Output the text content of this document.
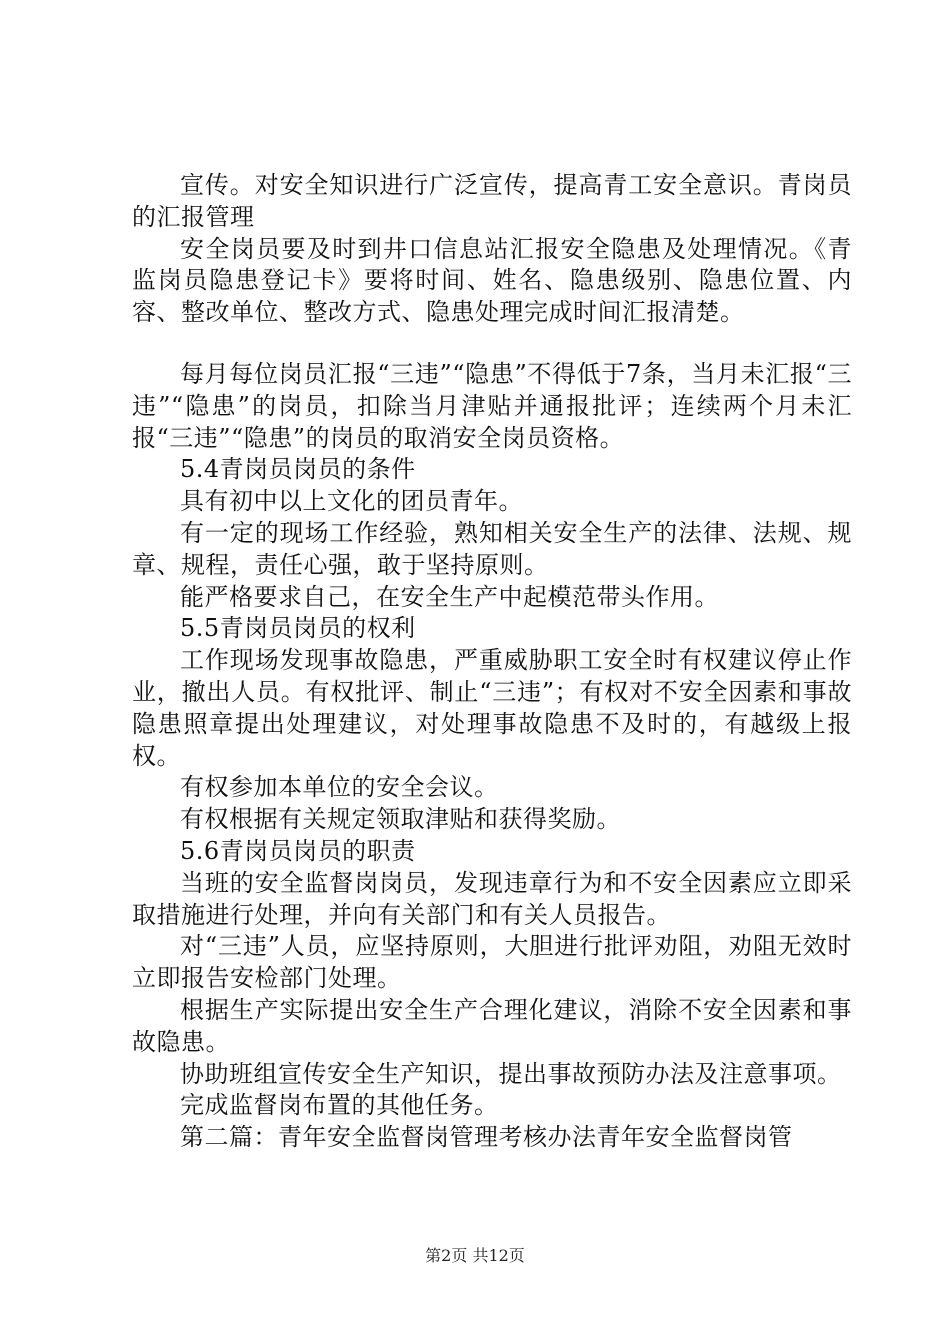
宣传。对安全知识进行广泛宣传，提高青工安全意识。青岗员的汇报管理

安全岗员要及时到井口信息站汇报安全隐患及处理情况。《青监岗员隐患登记卡》要将时间、姓名、隐患级别、隐患位置、内容、整改单位、整改方式、隐患处理完成时间汇报清楚。

每月每位岗员汇报“三违”“隐患”不得低于7条，当月未汇报“三违”“隐患”的岗员，扣除当月津贴并通报批评；连续两个月未汇报“三违”“隐患”的岗员的取消安全岗员资格。

5.4青岗员岗员的条件

具有初中以上文化的团员青年。

有一定的现场工作经验，熟知相关安全生产的法律、法规、规章、规程，责任心强，敢于坚持原则。

能严格要求自己，在安全生产中起模范带头作用。

5.5青岗员岗员的权利

工作现场发现事故隐患，严重威胁职工安全时有权建议停止作业，撤出人员。有权批评、制止“三违”；有权对不安全因素和事故隐患照章提出处理建议，对处理事故隐患不及时的，有越级上报权。

有权参加本单位的安全会议。

有权根据有关规定领取津贴和获得奖励。

5.6青岗员岗员的职责

当班的安全监督岗岗员，发现违章行为和不安全因素应立即采取措施进行处理，并向有关部门和有关人员报告。

对“三违”人员，应坚持原则，大胆进行批评劝阻，劝阻无效时立即报告安检部门处理。

根据生产实际提出安全生产合理化建议，消除不安全因素和事故隐患。

协助班组宣传安全生产知识，提出事故预防办法及注意事项。

完成监督岗布置的其他任务。

第二篇：青年安全监督岗管理考核办法青年安全监督岗管

第2页 共12页
